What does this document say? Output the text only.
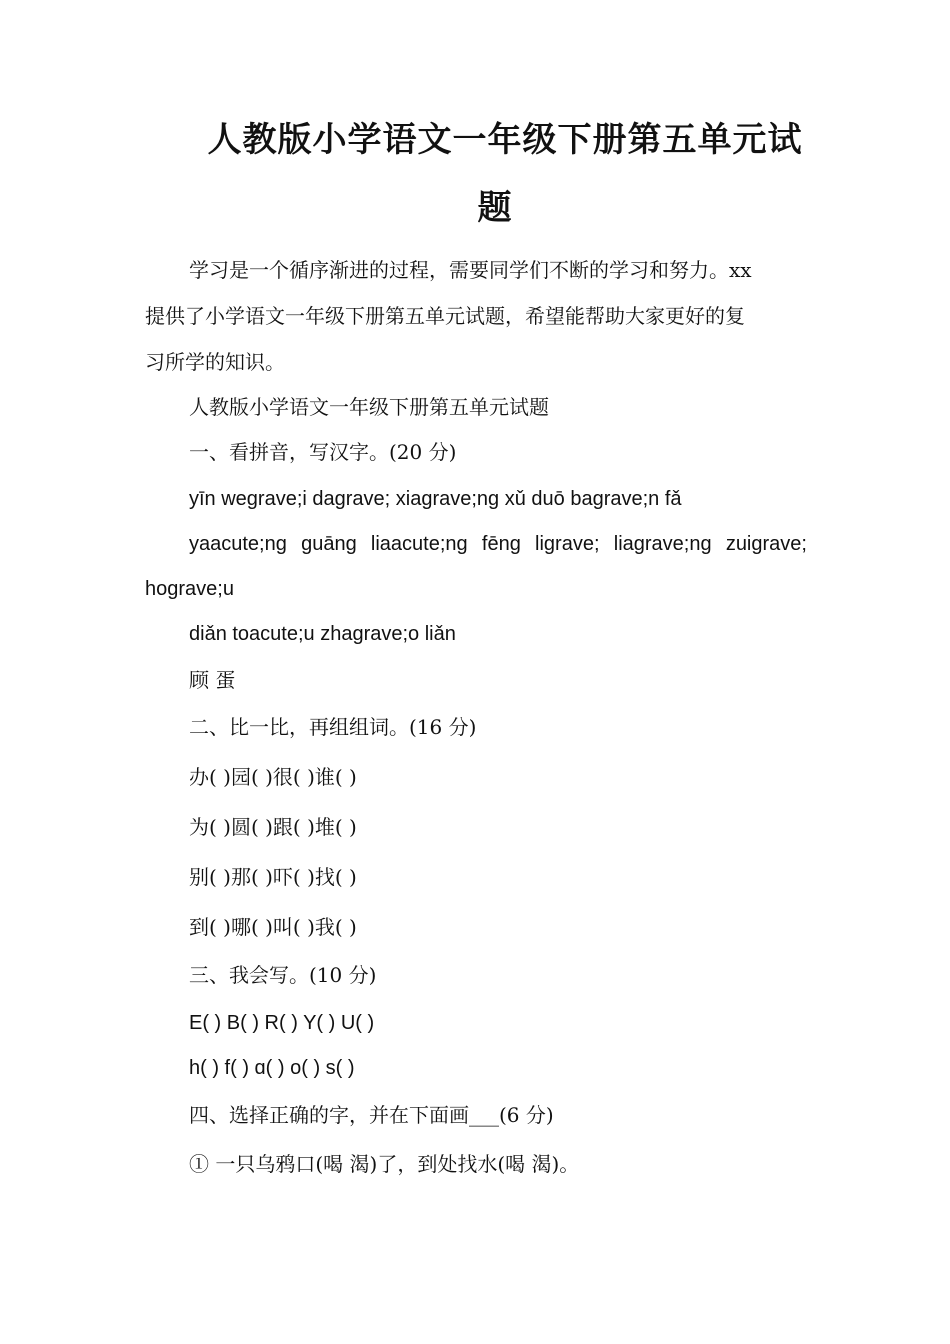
人教版小学语文一年级下册第五单元试
题
学习是一个循序渐进的过程，需要同学们不断的学习和努力。xx
提供了小学语文一年级下册第五单元试题，希望能帮助大家更好的复
习所学的知识。
人教版小学语文一年级下册第五单元试题
一、看拼音，写汉字。(20 分)
yīn wegrave;i dagrave; xiagrave;ng xǔ duō bagrave;n fǎ
yaacute;ng guāng liaacute;ng fēng ligrave; liagrave;ng zuigrave;
hograve;u
diǎn toacute;u zhagrave;o liǎn
顾 蛋
二、比一比，再组组词。(16 分)
办( )园( )很( )谁( )
为( )圆( )跟( )堆( )
别( )那( )吓( )找( )
到( )哪( )叫( )我( )
三、我会写。(10 分)
E( ) B( ) R( ) Y( ) U( )
h( ) f( ) ɑ( ) o( ) s( )
四、选择正确的字，并在下面画___(6 分)
① 一只乌鸦口(喝 渴)了，到处找水(喝 渴)。
